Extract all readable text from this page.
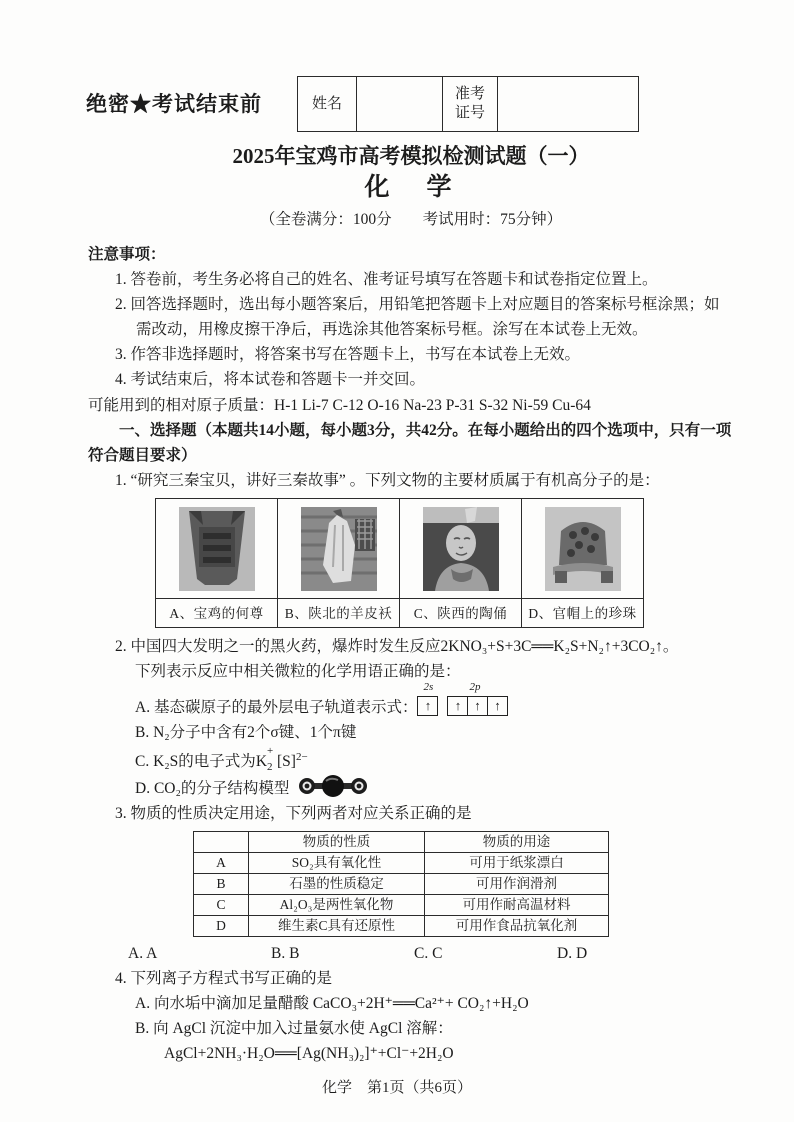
绝密★考试结束前	姓名		
准考
证号

2025年宝鸡市高考模拟检测试题（一）
化　学
（全卷满分：100分　　考试用时：75分钟）
注意事项：
1. 答卷前，考生务必将自己的姓名、准考证号填写在答题卡和试卷指定位置上。
2. 回答选择题时，选出每小题答案后，用铅笔把答题卡上对应题目的答案标号框涂黑；如需改动，用橡皮擦干净后，再选涂其他答案标号框。涂写在本试卷上无效。
3. 作答非选择题时，将答案书写在答题卡上，书写在本试卷上无效。
4. 考试结束后，将本试卷和答题卡一并交回。
可能用到的相对原子质量：H-1 Li-7 C-12 O-16 Na-23 P-31 S-32 Ni-59 Cu-64
一、选择题（本题共14小题，每小题3分，共42分。在每小题给出的四个选项中，只有一项符合题目要求）
1. “研究三秦宝贝，讲好三秦故事” 。下列文物的主要材质属于有机高分子的是：

A、宝鸡的何尊	B、陕北的羊皮袄	C、陕西的陶俑	D、官帽上的珍珠
2. 中国四大发明之一的黑火药，爆炸时发生反应2KNO₃+S+3C══K₂S+N₂↑+3CO₂↑。
下列表示反应中相关微粒的化学用语正确的是：
A. 基态碳原子的最外层电子轨道表示式：
2s	2p
↑	↑	↑	↑
B. N₂分子中含有2个σ键、1个π键
C. K₂S的电子式为K
+
2 $[S]^{2-}$
D. CO₂的分子结构模型
3. 物质的性质决定用途，下列两者对应关系正确的是
	物质的性质	物质的用途
A	SO₂具有氧化性	可用于纸浆漂白
B	石墨的性质稳定	可用作润滑剂
C	Al₂O₃是两性氧化物	可用作耐高温材料
D	维生素C具有还原性	可用作食品抗氧化剂
A. A	B. B	C. C	D. D
4. 下列离子方程式书写正确的是
A. 向水垢中滴加足量醋酸 CaCO₃+2H⁺══Ca²⁺+ CO₂↑+H₂O
B. 向 AgCl 沉淀中加入过量氨水使 AgCl 溶解：
AgCl+2NH₃·H₂O══[Ag(NH₃)₂]⁺+Cl⁻+2H₂O
化学　第1页（共6页）
